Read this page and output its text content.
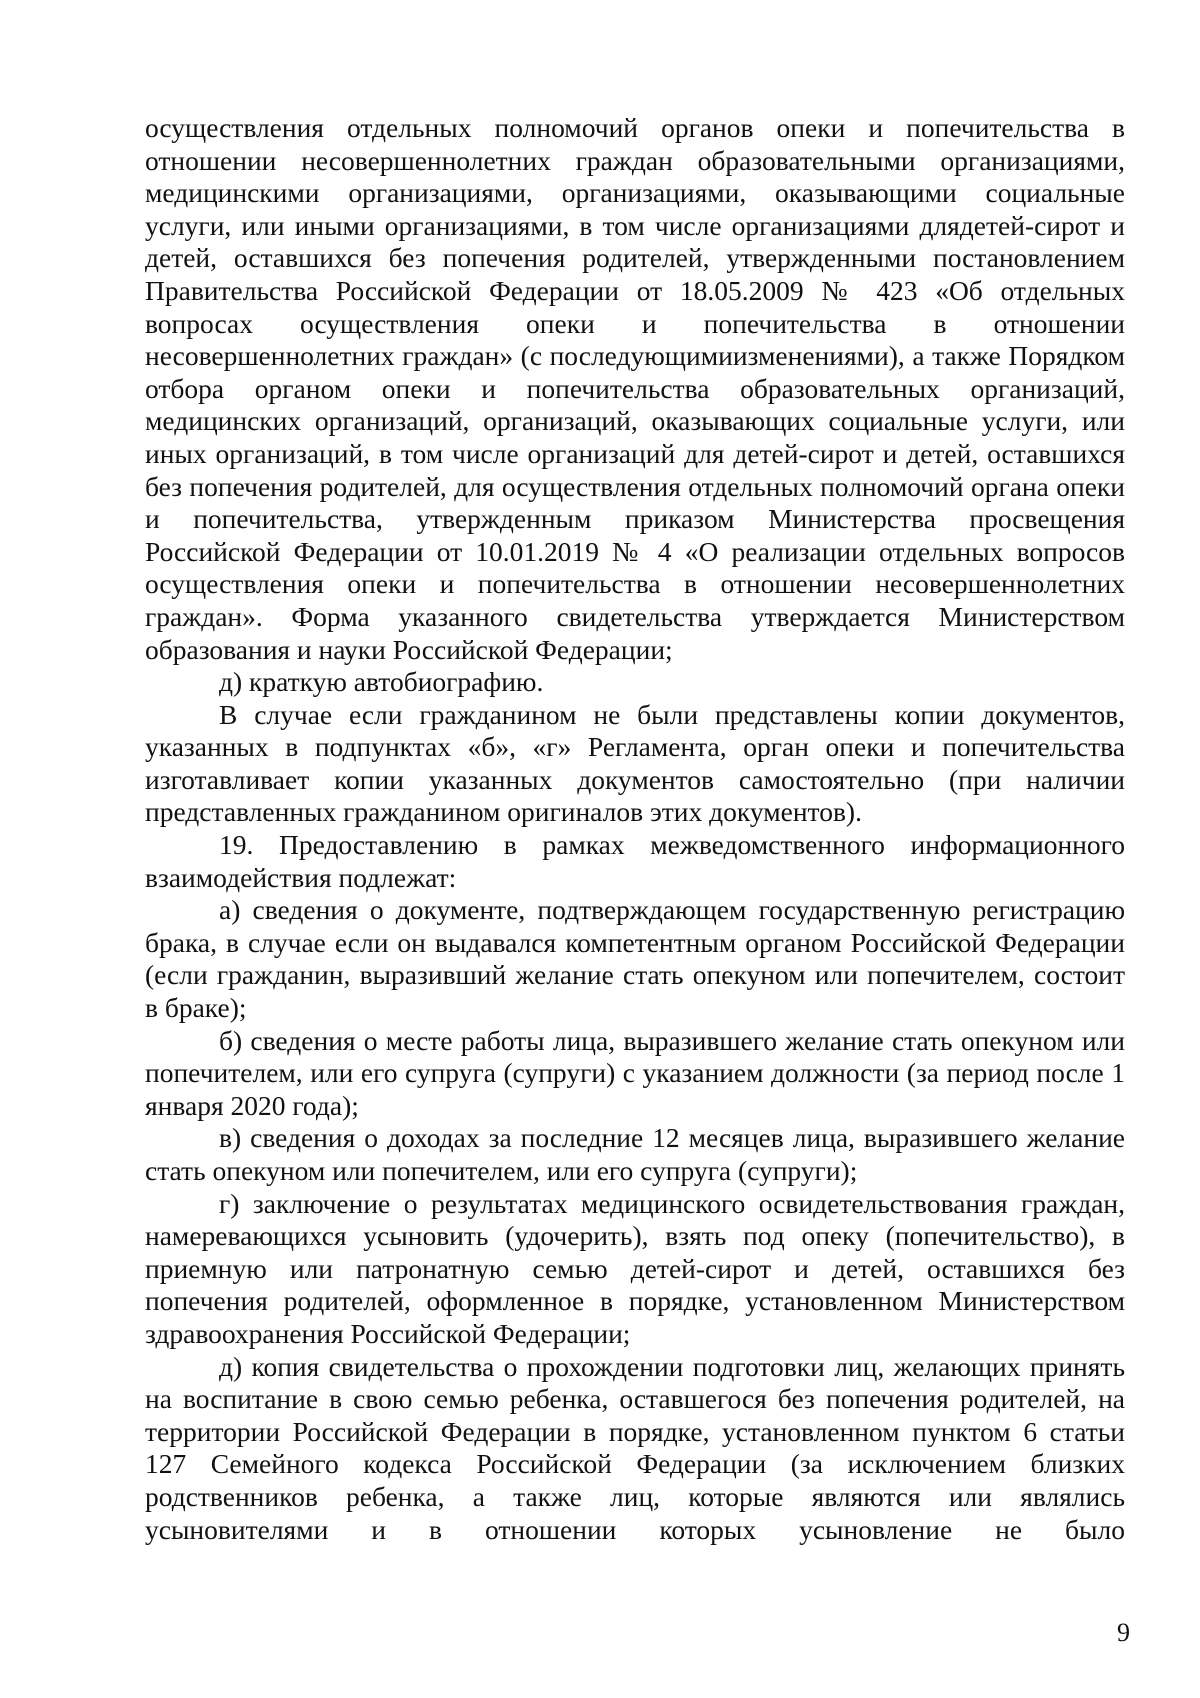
осуществления отдельных полномочий органов опеки и попечительства в отношении несовершеннолетних граждан образовательными организациями, медицинскими организациями, организациями, оказывающими социальные услуги, или иными организациями, в том числе организациями длядетей-сирот и детей, оставшихся без попечения родителей, утвержденными постановлением Правительства Российской Федерации от 18.05.2009 № 423 «Об отдельных вопросах осуществления опеки и попечительства в отношении несовершеннолетних граждан» (с последующимиизменениями), а также Порядком отбора органом опеки и попечительства образовательных организаций, медицинских организаций, организаций, оказывающих социальные услуги, или иных организаций, в том числе организаций для детей-сирот и детей, оставшихся без попечения родителей, для осуществления отдельных полномочий органа опеки и попечительства, утвержденным приказом Министерства просвещения Российской Федерации от 10.01.2019 № 4 «О реализации отдельных вопросов осуществления опеки и попечительства в отношении несовершеннолетних граждан». Форма указанного свидетельства утверждается Министерством образования и науки Российской Федерации;

д) краткую автобиографию.

В случае если гражданином не были представлены копии документов, указанных в подпунктах «б», «г» Регламента, орган опеки и попечительства изготавливает копии указанных документов самостоятельно (при наличии представленных гражданином оригиналов этих документов).

19. Предоставлению в рамках межведомственного информационного взаимодействия подлежат:

а) сведения о документе, подтверждающем государственную регистрацию брака, в случае если он выдавался компетентным органом Российской Федерации (если гражданин, выразивший желание стать опекуном или попечителем, состоит в браке);

б) сведения о месте работы лица, выразившего желание стать опекуном или попечителем, или его супруга (супруги) с указанием должности (за период после 1 января 2020 года);

в) сведения о доходах за последние 12 месяцев лица, выразившего желание стать опекуном или попечителем, или его супруга (супруги);

г) заключение о результатах медицинского освидетельствования граждан, намеревающихся усыновить (удочерить), взять под опеку (попечительство), в приемную или патронатную семью детей-сирот и детей, оставшихся без попечения родителей, оформленное в порядке, установленном Министерством здравоохранения Российской Федерации;

д) копия свидетельства о прохождении подготовки лиц, желающих принять на воспитание в свою семью ребенка, оставшегося без попечения родителей, на территории Российской Федерации в порядке, установленном пунктом 6 статьи 127 Семейного кодекса Российской Федерации (за исключением близких родственников ребенка, а также лиц, которые являются или являлись усыновителями и в отношении которых усыновление не было

9
